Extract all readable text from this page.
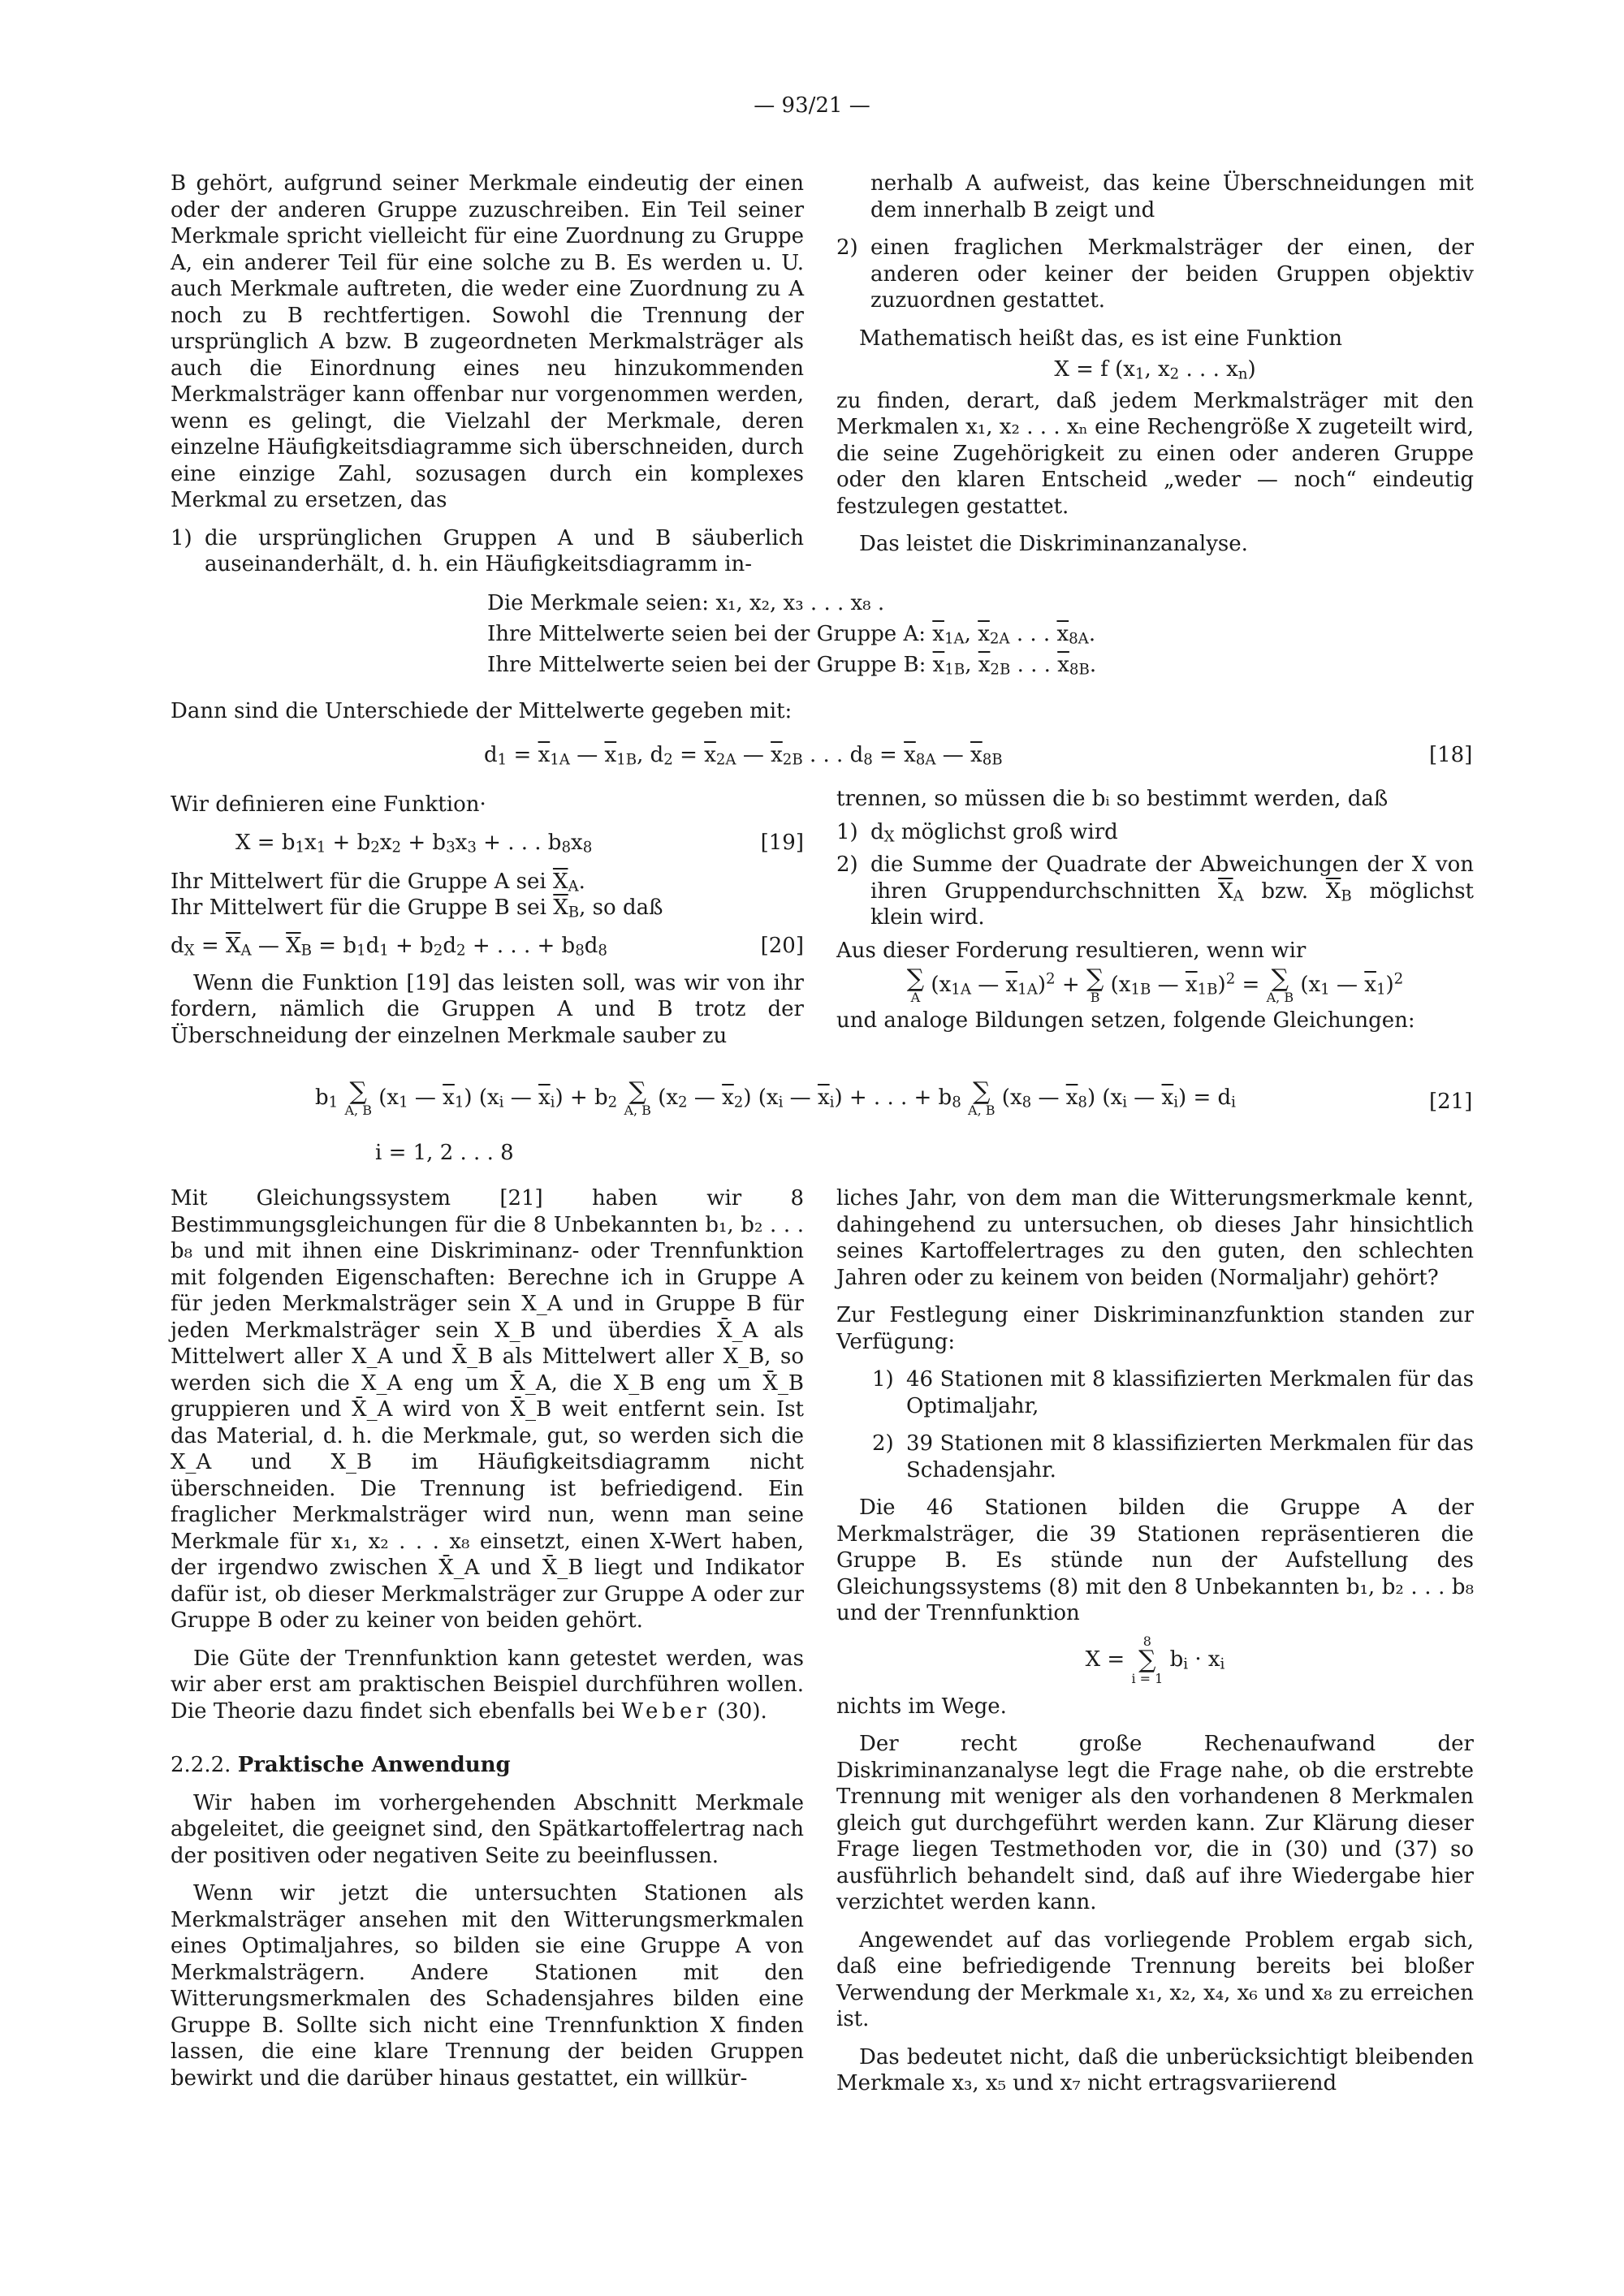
— 93/21 —

B gehört, aufgrund seiner Merkmale eindeutig der einen oder der anderen Gruppe zuzuschreiben. Ein Teil seiner Merkmale spricht vielleicht für eine Zuordnung zu Gruppe A, ein anderer Teil für eine solche zu B. Es werden u. U. auch Merkmale auftreten, die weder eine Zuordnung zu A noch zu B rechtfertigen. Sowohl die Trennung der ursprünglich A bzw. B zugeordneten Merkmalsträger als auch die Einordnung eines neu hinzukommenden Merkmalsträger kann offenbar nur vorgenommen werden, wenn es gelingt, die Vielzahl der Merkmale, deren einzelne Häufigkeitsdiagramme sich überschneiden, durch eine einzige Zahl, sozusagen durch ein komplexes Merkmal zu ersetzen, das

1) die ursprünglichen Gruppen A und B säuberlich auseinanderhält, d. h. ein Häufigkeitsdiagramm in-

nerhalb A aufweist, das keine Überschneidungen mit dem innerhalb B zeigt und

2) einen fraglichen Merkmalsträger der einen, der anderen oder keiner der beiden Gruppen objektiv zuzuordnen gestattet.

Mathematisch heißt das, es ist eine Funktion

X = f ($x_1$, $x_2$ . . . $x_n$)

zu finden, derart, daß jedem Merkmalsträger mit den Merkmalen x₁, x₂ . . . xₙ eine Rechengröße X zugeteilt wird, die seine Zugehörigkeit zu einen oder anderen Gruppe oder den klaren Entscheid „weder — noch“ eindeutig festzulegen gestattet.

Das leistet die Diskriminanzanalyse.

Die Merkmale seien: x₁, x₂, x₃ . . . x₈ .
Ihre Mittelwerte seien bei der Gruppe A: $\overline{x}_{1A}$, $\overline{x}_{2A}$ . . . $\overline{x}_{8A}$.
Ihre Mittelwerte seien bei der Gruppe B: $\overline{x}_{1B}$, $\overline{x}_{2B}$ . . . $\overline{x}_{8B}$.
Dann sind die Unterschiede der Mittelwerte gegeben mit:
$d_1 = \overline{x}_{1A}$ — $\overline{x}_{1B}$, $d_2 = \overline{x}_{2A}$ — $\overline{x}_{2B}$ . . . $d_8 = \overline{x}_{8A}$ — $\overline{x}_{8B}$	[18]

Wir definieren eine Funktion·

$X = b_1x_1 + b_2x_2 + b_3x_3$ + . . . $b_8x_8$	[19]

Ihr Mittelwert für die Gruppe A sei $\overline{X}_A$.

Ihr Mittelwert für die Gruppe B sei $\overline{X}_B$, so daß

$d_X = \overline{X}_A$ — $\overline{X}_B = b_1d_1 + b_2d_2$ + . . . + $b_8d_8$	[20]

Wenn die Funktion [19] das leisten soll, was wir von ihr fordern, nämlich die Gruppen A und B trotz der Überschneidung der einzelnen Merkmale sauber zu

trennen, so müssen die bᵢ so bestimmt werden, daß

1) $d_X$ möglichst groß wird
2) die Summe der Quadrate der Abweichungen der X von ihren Gruppendurchschnitten $\overline{X}_A$ bzw. $\overline{X}_B$ möglichst klein wird.

Aus dieser Forderung resultieren, wenn wir

∑
A
($x_{1A}$ — $\overline{x}_{1A})^2$ + ∑
B
($x_{1B}$ — $\overline{x}_{1B})^2$ = ∑
A, B
($x_1$ — $\overline{x}_1)^2$

und analoge Bildungen setzen, folgende Gleichungen:

$b_1$ ∑
A, B
($x_1$ — $\overline{x}_1$) ($x_i$ — $\overline{x}_i) + b_2$ ∑
A, B
($x_2$ — $\overline{x}_2$) ($x_i$ — $\overline{x}_i$) + . . . + $b_8$ ∑
A, B
($x_8$ — $\overline{x}_8$) ($x_i$ — $\overline{x}_i) = d_i$	[21]
i = 1, 2 . . . 8

Mit Gleichungssystem [21] haben wir 8 Bestimmungsgleichungen für die 8 Unbekannten b₁, b₂ . . . b₈ und mit ihnen eine Diskriminanz- oder Trennfunktion mit folgenden Eigenschaften: Berechne ich in Gruppe A für jeden Merkmalsträger sein X_A und in Gruppe B für jeden Merkmalsträger sein X_B und überdies X̄_A als Mittelwert aller X_A und X̄_B als Mittelwert aller X_B, so werden sich die X_A eng um X̄_A, die X_B eng um X̄_B gruppieren und X̄_A wird von X̄_B weit entfernt sein. Ist das Material, d. h. die Merkmale, gut, so werden sich die X_A und X_B im Häufigkeitsdiagramm nicht überschneiden. Die Trennung ist befriedigend. Ein fraglicher Merkmalsträger wird nun, wenn man seine Merkmale für x₁, x₂ . . . x₈ einsetzt, einen X-Wert haben, der irgendwo zwischen X̄_A und X̄_B liegt und Indikator dafür ist, ob dieser Merkmalsträger zur Gruppe A oder zur Gruppe B oder zu keiner von beiden gehört.

Die Güte der Trennfunktion kann getestet werden, was wir aber erst am praktischen Beispiel durchführen wollen. Die Theorie dazu findet sich ebenfalls bei Weber (30).

2.2.2. Praktische Anwendung

Wir haben im vorhergehenden Abschnitt Merkmale abgeleitet, die geeignet sind, den Spätkartoffelertrag nach der positiven oder negativen Seite zu beeinflussen.

Wenn wir jetzt die untersuchten Stationen als Merkmalsträger ansehen mit den Witterungsmerkmalen eines Optimaljahres, so bilden sie eine Gruppe A von Merkmalsträgern. Andere Stationen mit den Witterungsmerkmalen des Schadensjahres bilden eine Gruppe B. Sollte sich nicht eine Trennfunktion X finden lassen, die eine klare Trennung der beiden Gruppen bewirkt und die darüber hinaus gestattet, ein willkür-

liches Jahr, von dem man die Witterungsmerkmale kennt, dahingehend zu untersuchen, ob dieses Jahr hinsichtlich seines Kartoffelertrages zu den guten, den schlechten Jahren oder zu keinem von beiden (Normaljahr) gehört?

Zur Festlegung einer Diskriminanzfunktion standen zur Verfügung:

1) 46 Stationen mit 8 klassifizierten Merkmalen für das Optimaljahr,
2) 39 Stationen mit 8 klassifizierten Merkmalen für das Schadensjahr.

Die 46 Stationen bilden die Gruppe A der Merkmalsträger, die 39 Stationen repräsentieren die Gruppe B. Es stünde nun der Aufstellung des Gleichungssystems (8) mit den 8 Unbekannten b₁, b₂ . . . b₈ und der Trennfunktion

X =
8
∑
i = 1
$b_i \cdot x_i$

nichts im Wege.

Der recht große Rechenaufwand der Diskriminanzanalyse legt die Frage nahe, ob die erstrebte Trennung mit weniger als den vorhandenen 8 Merkmalen gleich gut durchgeführt werden kann. Zur Klärung dieser Frage liegen Testmethoden vor, die in (30) und (37) so ausführlich behandelt sind, daß auf ihre Wiedergabe hier verzichtet werden kann.

Angewendet auf das vorliegende Problem ergab sich, daß eine befriedigende Trennung bereits bei bloßer Verwendung der Merkmale x₁, x₂, x₄, x₆ und x₈ zu erreichen ist.

Das bedeutet nicht, daß die unberücksichtigt bleibenden Merkmale x₃, x₅ und x₇ nicht ertragsvariierend
